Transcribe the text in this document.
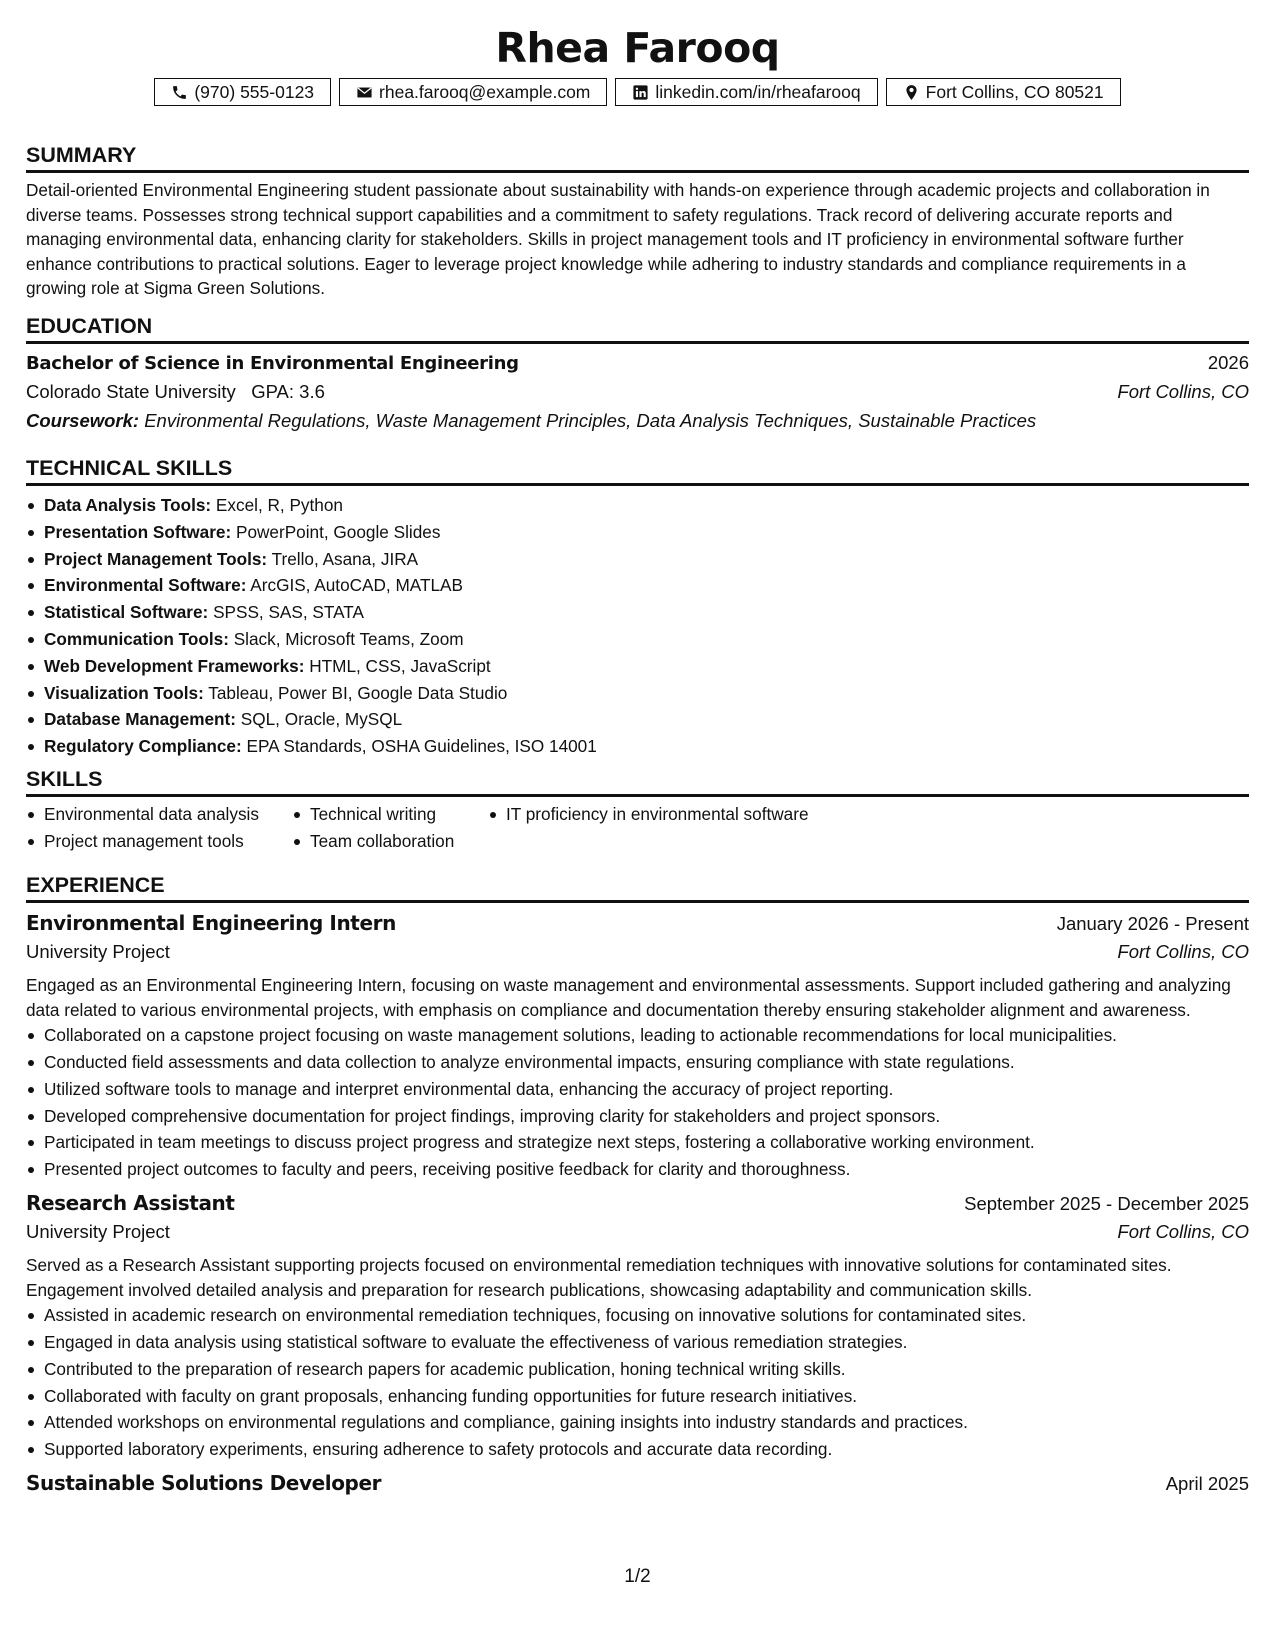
Rhea Farooq
(970) 555-0123	rhea.farooq@example.com	linkedin.com/in/rheafarooq	Fort Collins, CO 80521
SUMMARY
Detail-oriented Environmental Engineering student passionate about sustainability with hands-on experience through academic projects and collaboration in diverse teams. Possesses strong technical support capabilities and a commitment to safety regulations. Track record of delivering accurate reports and managing environmental data, enhancing clarity for stakeholders. Skills in project management tools and IT proficiency in environmental software further enhance contributions to practical solutions. Eager to leverage project knowledge while adhering to industry standards and compliance requirements in a growing role at Sigma Green Solutions.
EDUCATION
Bachelor of Science in Environmental Engineering	2026
Colorado State University GPA: 3.6	Fort Collins, CO
Coursework: Environmental Regulations, Waste Management Principles, Data Analysis Techniques, Sustainable Practices
TECHNICAL SKILLS
Data Analysis Tools: Excel, R, Python
Presentation Software: PowerPoint, Google Slides
Project Management Tools: Trello, Asana, JIRA
Environmental Software: ArcGIS, AutoCAD, MATLAB
Statistical Software: SPSS, SAS, STATA
Communication Tools: Slack, Microsoft Teams, Zoom
Web Development Frameworks: HTML, CSS, JavaScript
Visualization Tools: Tableau, Power BI, Google Data Studio
Database Management: SQL, Oracle, MySQL
Regulatory Compliance: EPA Standards, OSHA Guidelines, ISO 14001
SKILLS
Environmental data analysis
Project management tools
Technical writing
Team collaboration
IT proficiency in environmental software
EXPERIENCE
Environmental Engineering Intern	January 2026 - Present
University Project	Fort Collins, CO
Engaged as an Environmental Engineering Intern, focusing on waste management and environmental assessments. Support included gathering and analyzing data related to various environmental projects, with emphasis on compliance and documentation thereby ensuring stakeholder alignment and awareness.
Collaborated on a capstone project focusing on waste management solutions, leading to actionable recommendations for local municipalities.
Conducted field assessments and data collection to analyze environmental impacts, ensuring compliance with state regulations.
Utilized software tools to manage and interpret environmental data, enhancing the accuracy of project reporting.
Developed comprehensive documentation for project findings, improving clarity for stakeholders and project sponsors.
Participated in team meetings to discuss project progress and strategize next steps, fostering a collaborative working environment.
Presented project outcomes to faculty and peers, receiving positive feedback for clarity and thoroughness.
Research Assistant	September 2025 - December 2025
University Project	Fort Collins, CO
Served as a Research Assistant supporting projects focused on environmental remediation techniques with innovative solutions for contaminated sites. Engagement involved detailed analysis and preparation for research publications, showcasing adaptability and communication skills.
Assisted in academic research on environmental remediation techniques, focusing on innovative solutions for contaminated sites.
Engaged in data analysis using statistical software to evaluate the effectiveness of various remediation strategies.
Contributed to the preparation of research papers for academic publication, honing technical writing skills.
Collaborated with faculty on grant proposals, enhancing funding opportunities for future research initiatives.
Attended workshops on environmental regulations and compliance, gaining insights into industry standards and practices.
Supported laboratory experiments, ensuring adherence to safety protocols and accurate data recording.
Sustainable Solutions Developer	April 2025
1/2
